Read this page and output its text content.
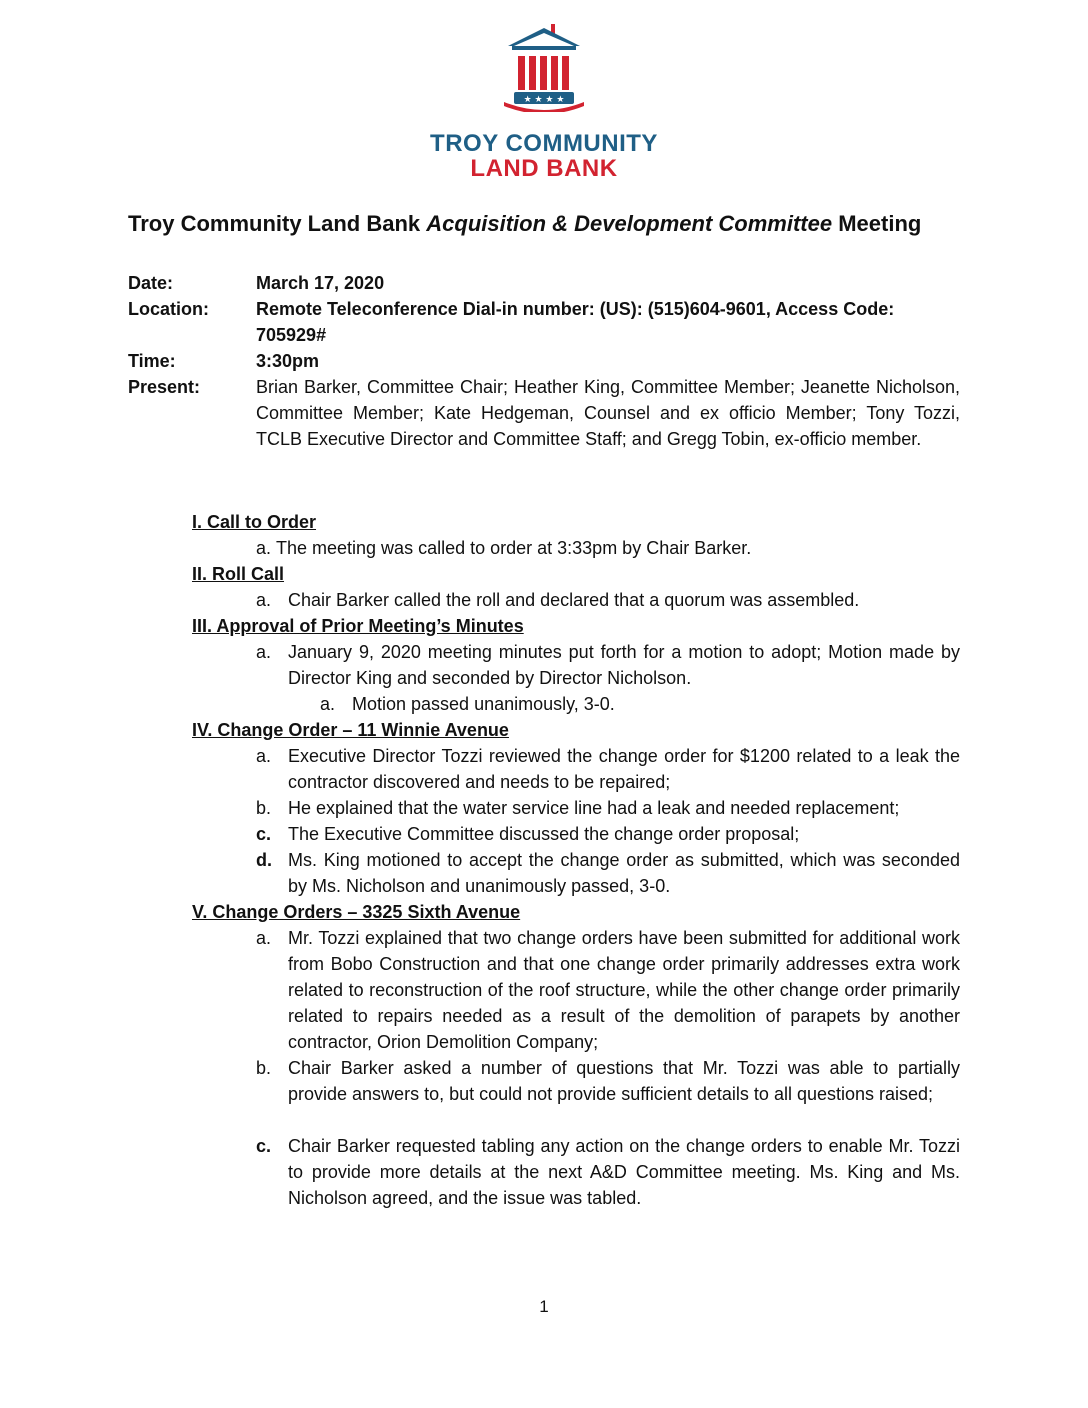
★ ★ ★ ★
TROY COMMUNITY
LAND BANK
Troy Community Land Bank Acquisition & Development Committee Meeting
Date:	March 17, 2020
Location:	Remote Teleconference Dial-in number: (US): (515)604-9601, Access Code: 705929#
Time:	3:30pm
Present:	Brian Barker, Committee Chair; Heather King, Committee Member; Jeanette Nicholson, Committee Member; Kate Hedgeman, Counsel and ex officio Member; Tony Tozzi, TCLB Executive Director and Committee Staff; and Gregg Tobin, ex-officio member.
I. Call to Order
a. The meeting was called to order at 3:33pm by Chair Barker.
II. Roll Call
a. Chair Barker called the roll and declared that a quorum was assembled.
III. Approval of Prior Meeting’s Minutes
a. January 9, 2020 meeting minutes put forth for a motion to adopt; Motion made by Director King and seconded by Director Nicholson.
a. Motion passed unanimously, 3-0.
IV. Change Order – 11 Winnie Avenue
a. Executive Director Tozzi reviewed the change order for $1200 related to a leak the contractor discovered and needs to be repaired;
b. He explained that the water service line had a leak and needed replacement;
c. The Executive Committee discussed the change order proposal;
d. Ms. King motioned to accept the change order as submitted, which was seconded by Ms. Nicholson and unanimously passed, 3-0.
V. Change Orders – 3325 Sixth Avenue
a. Mr. Tozzi explained that two change orders have been submitted for additional work from Bobo Construction and that one change order primarily addresses extra work related to reconstruction of the roof structure, while the other change order primarily related to repairs needed as a result of the demolition of parapets by another contractor, Orion Demolition Company;
b. Chair Barker asked a number of questions that Mr. Tozzi was able to partially provide answers to, but could not provide sufficient details to all questions raised;
c. Chair Barker requested tabling any action on the change orders to enable Mr. Tozzi to provide more details at the next A&D Committee meeting. Ms. King and Ms. Nicholson agreed, and the issue was tabled.
1
